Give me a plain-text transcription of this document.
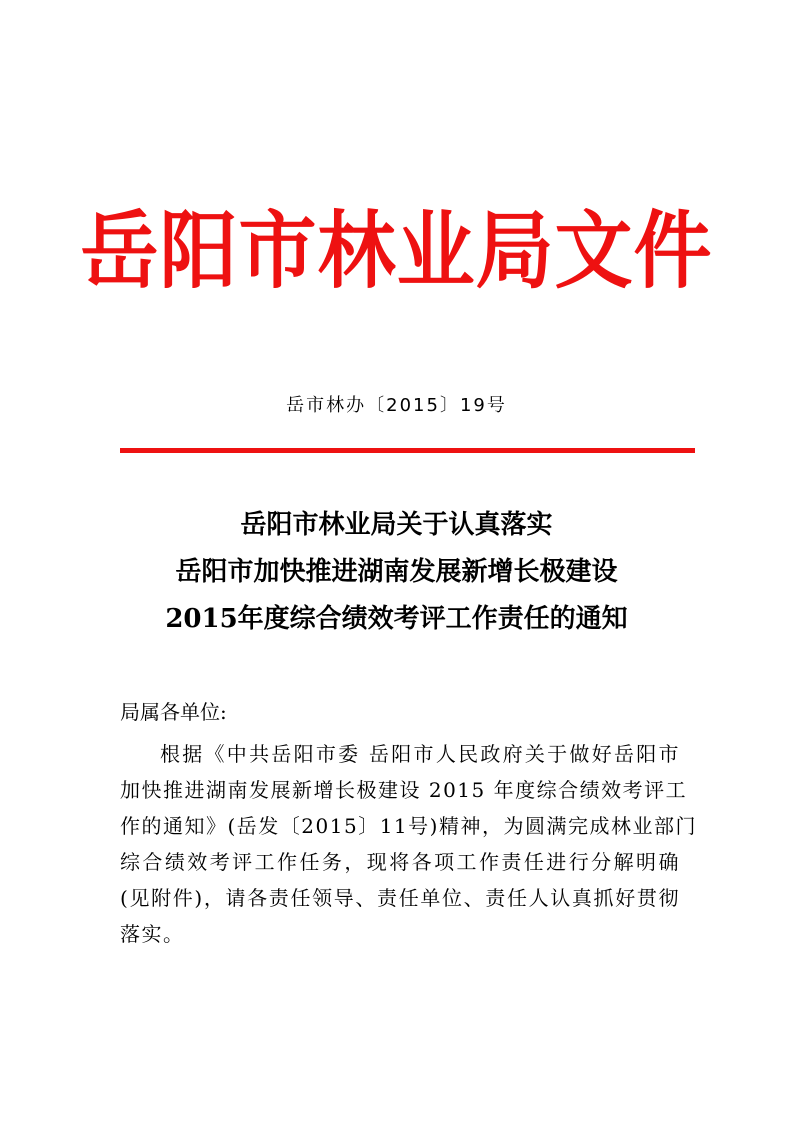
岳阳市林业局文件
岳市林办〔2015〕19号
岳阳市林业局关于认真落实
岳阳市加快推进湖南发展新增长极建设
2015年度综合绩效考评工作责任的通知
局属各单位:
根据《中共岳阳市委 岳阳市人民政府关于做好岳阳市
加快推进湖南发展新增长极建设 2015 年度综合绩效考评工
作的通知》(岳发〔2015〕11号)精神，为圆满完成林业部门
综合绩效考评工作任务，现将各项工作责任进行分解明确
(见附件)，请各责任领导、责任单位、责任人认真抓好贯彻
落实。
